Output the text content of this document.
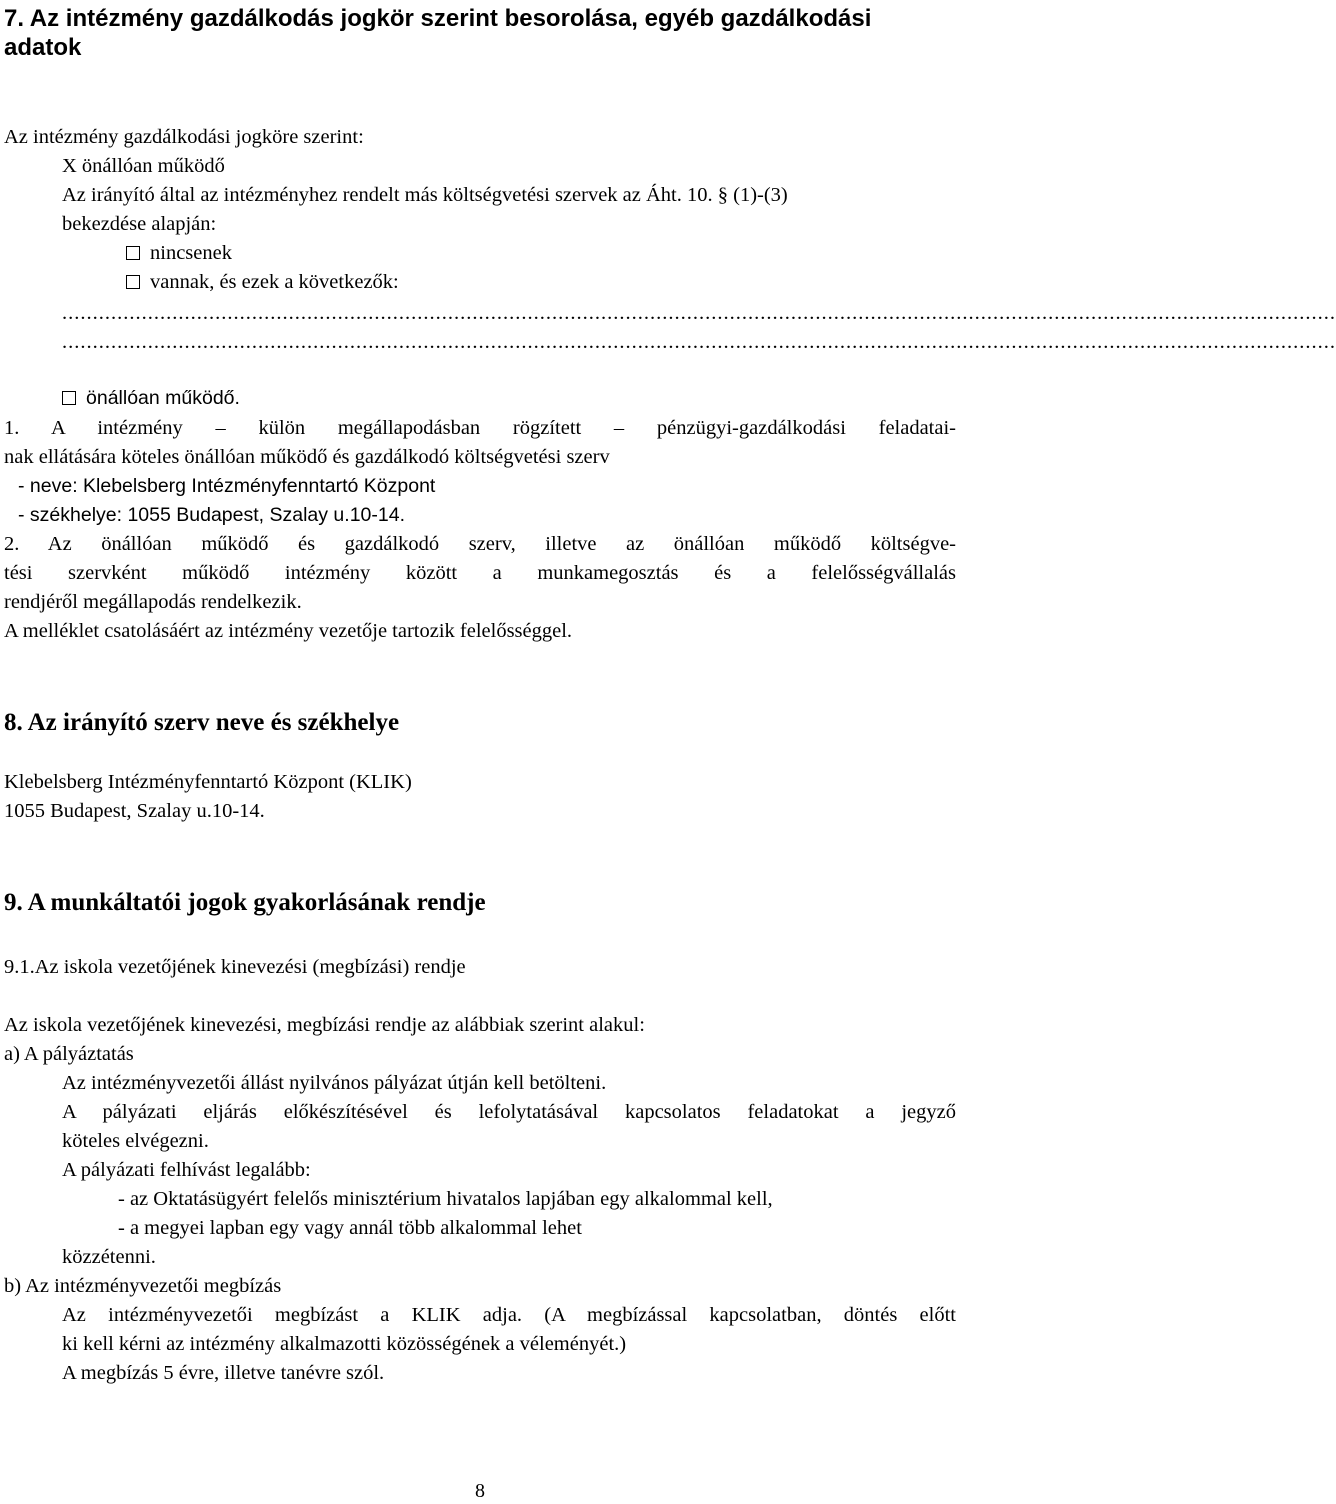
7. Az intézmény gazdálkodás jogkör szerint besorolása, egyéb gazdálkodási
adatok
Az intézmény gazdálkodási jogköre szerint:
X önállóan működő
Az irányító által az intézményhez rendelt más költségvetési szervek az Áht. 10. § (1)-(3)
bekezdése alapján:
nincsenek
vannak, és ezek a következők:
................................................................................................................................................................................................................
................................................................................................................................................................................................................
önállóan működő.
1. A intézmény – külön megállapodásban rögzített – pénzügyi-gazdálkodási feladatai-
nak ellátására köteles önállóan működő és gazdálkodó költségvetési szerv
- neve: Klebelsberg Intézményfenntartó Központ
- székhelye: 1055 Budapest, Szalay u.10-14.
2. Az önállóan működő és gazdálkodó szerv, illetve az önállóan működő költségve-
tési szervként működő intézmény között a munkamegosztás és a felelősségvállalás
rendjéről megállapodás rendelkezik.
A melléklet csatolásáért az intézmény vezetője tartozik felelősséggel.
8. Az irányító szerv neve és székhelye
Klebelsberg Intézményfenntartó Központ (KLIK)
1055 Budapest, Szalay u.10-14.
9. A munkáltatói jogok gyakorlásának rendje
9.1.Az iskola vezetőjének kinevezési (megbízási) rendje
Az iskola vezetőjének kinevezési, megbízási rendje az alábbiak szerint alakul:
a) A pályáztatás
Az intézményvezetői állást nyilvános pályázat útján kell betölteni.
A pályázati eljárás előkészítésével és lefolytatásával kapcsolatos feladatokat a jegyző
köteles elvégezni.
A pályázati felhívást legalább:
- az Oktatásügyért felelős minisztérium hivatalos lapjában egy alkalommal kell,
- a megyei lapban egy vagy annál több alkalommal lehet
közzétenni.
b) Az intézményvezetői megbízás
Az intézményvezetői megbízást a KLIK adja. (A megbízással kapcsolatban, döntés előtt
ki kell kérni az intézmény alkalmazotti közösségének a véleményét.)
A megbízás 5 évre, illetve tanévre szól.
8
